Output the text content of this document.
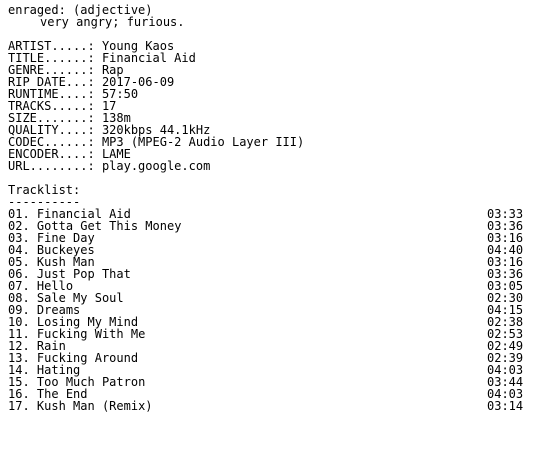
enraged: (adjective)
very angry; furious.
ARTIST.....: Young Kaos
TITLE......: Financial Aid
GENRE......: Rap
RIP DATE...: 2017-06-09
RUNTIME....: 57:50
TRACKS.....: 17
SIZE.......: 138m
QUALITY....: 320kbps 44.1kHz
CODEC......: MP3 (MPEG-2 Audio Layer III)
ENCODER....: LAME
URL........: play.google.com
Tracklist:
----------
01. Financial Aid	03:33
02. Gotta Get This Money	03:36
03. Fine Day	03:16
04. Buckeyes	04:40
05. Kush Man	03:16
06. Just Pop That	03:36
07. Hello	03:05
08. Sale My Soul	02:30
09. Dreams	04:15
10. Losing My Mind	02:38
11. Fucking With Me	02:53
12. Rain	02:49
13. Fucking Around	02:39
14. Hating	04:03
15. Too Much Patron	03:44
16. The End	04:03
17. Kush Man (Remix)	03:14
